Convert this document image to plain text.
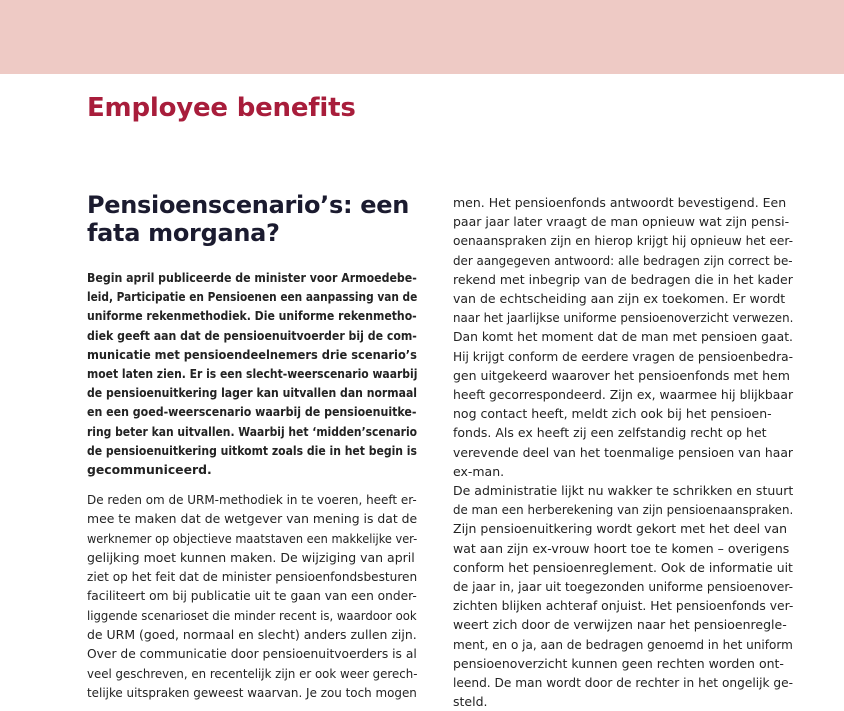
Employee benefits
Pensioenscenario’s: een
fata morgana?
Begin april publiceerde de minister voor Armoedebe-
leid, Participatie en Pensioenen een aanpassing van de
uniforme rekenmethodiek. Die uniforme rekenmetho-
diek geeft aan dat de pensioenuitvoerder bij de com-
municatie met pensioendeelnemers drie scenario’s
moet laten zien. Er is een slecht-weerscenario waarbij
de pensioenuitkering lager kan uitvallen dan normaal
en een goed-weerscenario waarbij de pensioenuitke-
ring beter kan uitvallen. Waarbij het ‘midden’scenario
de pensioenuitkering uitkomt zoals die in het begin is
gecommuniceerd.
De reden om de URM-methodiek in te voeren, heeft er-
mee te maken dat de wetgever van mening is dat de
werknemer op objectieve maatstaven een makkelijke ver-
gelijking moet kunnen maken. De wijziging van april
ziet op het feit dat de minister pensioenfondsbesturen
faciliteert om bij publicatie uit te gaan van een onder-
liggende scenarioset die minder recent is, waardoor ook
de URM (goed, normaal en slecht) anders zullen zijn.
Over de communicatie door pensioenuitvoerders is al
veel geschreven, en recentelijk zijn er ook weer gerech-
telijke uitspraken geweest waarvan. Je zou toch mogen
men. Het pensioenfonds antwoordt bevestigend. Een
paar jaar later vraagt de man opnieuw wat zijn pensi-
oenaanspraken zijn en hierop krijgt hij opnieuw het eer-
der aangegeven antwoord: alle bedragen zijn correct be-
rekend met inbegrip van de bedragen die in het kader
van de echtscheiding aan zijn ex toekomen. Er wordt
naar het jaarlijkse uniforme pensioenoverzicht verwezen.
Dan komt het moment dat de man met pensioen gaat.
Hij krijgt conform de eerdere vragen de pensioenbedra-
gen uitgekeerd waarover het pensioenfonds met hem
heeft gecorrespondeerd. Zijn ex, waarmee hij blijkbaar
nog contact heeft, meldt zich ook bij het pensioen-
fonds. Als ex heeft zij een zelfstandig recht op het
verevende deel van het toenmalige pensioen van haar
ex-man.
De administratie lijkt nu wakker te schrikken en stuurt
de man een herberekening van zijn pensioenaanspraken.
Zijn pensioenuitkering wordt gekort met het deel van
wat aan zijn ex-vrouw hoort toe te komen – overigens
conform het pensioenreglement. Ook de informatie uit
de jaar in, jaar uit toegezonden uniforme pensioenover-
zichten blijken achteraf onjuist. Het pensioenfonds ver-
weert zich door de verwijzen naar het pensioenregle-
ment, en o ja, aan de bedragen genoemd in het uniform
pensioenoverzicht kunnen geen rechten worden ont-
leend. De man wordt door de rechter in het ongelijk ge-
steld.
